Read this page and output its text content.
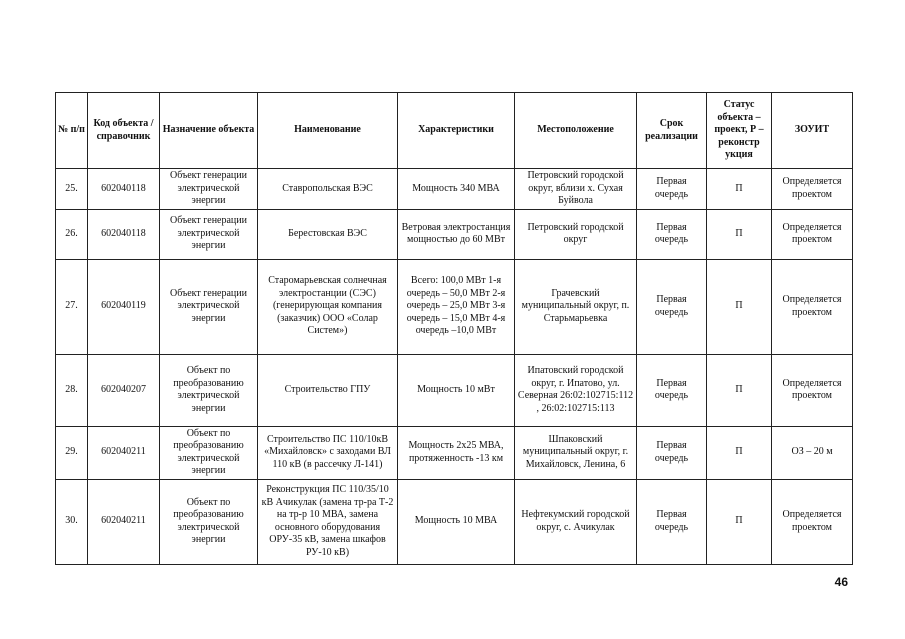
№ п/п	Код объекта / справочник	Назначение объекта	Наименование	Характеристики	Местоположение	Срок реализации	Статус объекта – проект, Р – реконстр укция	ЗОУИТ
25.	602040118	Объект генерации электрической энергии	Ставропольская ВЭС	Мощность 340 МВА	Петровский городской округ, вблизи х. Сухая Буйвола	Первая очередь	П	Определяется проектом
26.	602040118	Объект генерации электрической энергии	Берестовская ВЭС	Ветровая электростанция мощностью до 60 МВт	Петровский городской округ	Первая очередь	П	Определяется проектом
27.	602040119	Объект генерации электрической энергии	Старомарьевская солнечная электростанции (СЭС) (генерирующая компания (заказчик) ООО «Солар Систем»)	Всего: 100,0 МВт 1-я очередь – 50,0 МВт 2-я очередь – 25,0 МВт 3-я очередь – 15,0 МВт 4-я очередь –10,0 МВт	Грачевский муниципальный округ, п. Старьмарьевка	Первая очередь	П	Определяется проектом
28.	602040207	Объект по преобразованию электрической энергии	Строительство ГПУ	Мощность 10 мВт	Ипатовский городской округ, г. Ипатово, ул. Северная 26:02:102715:112 , 26:02:102715:113	Первая очередь	П	Определяется проектом
29.	602040211	Объект по преобразованию электрической энергии	Строительство ПС 110/10кВ «Михайловск» с заходами ВЛ 110 кВ (в рассечку Л-141)	Мощность 2х25 МВА, протяженность -13 км	Шпаковский муниципальный округ, г. Михайловск, Ленина, 6	Первая очередь	П	ОЗ – 20 м
30.	602040211	Объект по преобразованию электрической энергии	Реконструкция ПС 110/35/10 кВ Ачикулак (замена тр-ра Т-2 на тр-р 10 МВА, замена основного оборудования ОРУ-35 кВ, замена шкафов РУ-10 кВ)	Мощность 10 МВА	Нефтекумский городской округ, с. Ачикулак	Первая очередь	П	Определяется проектом
46
